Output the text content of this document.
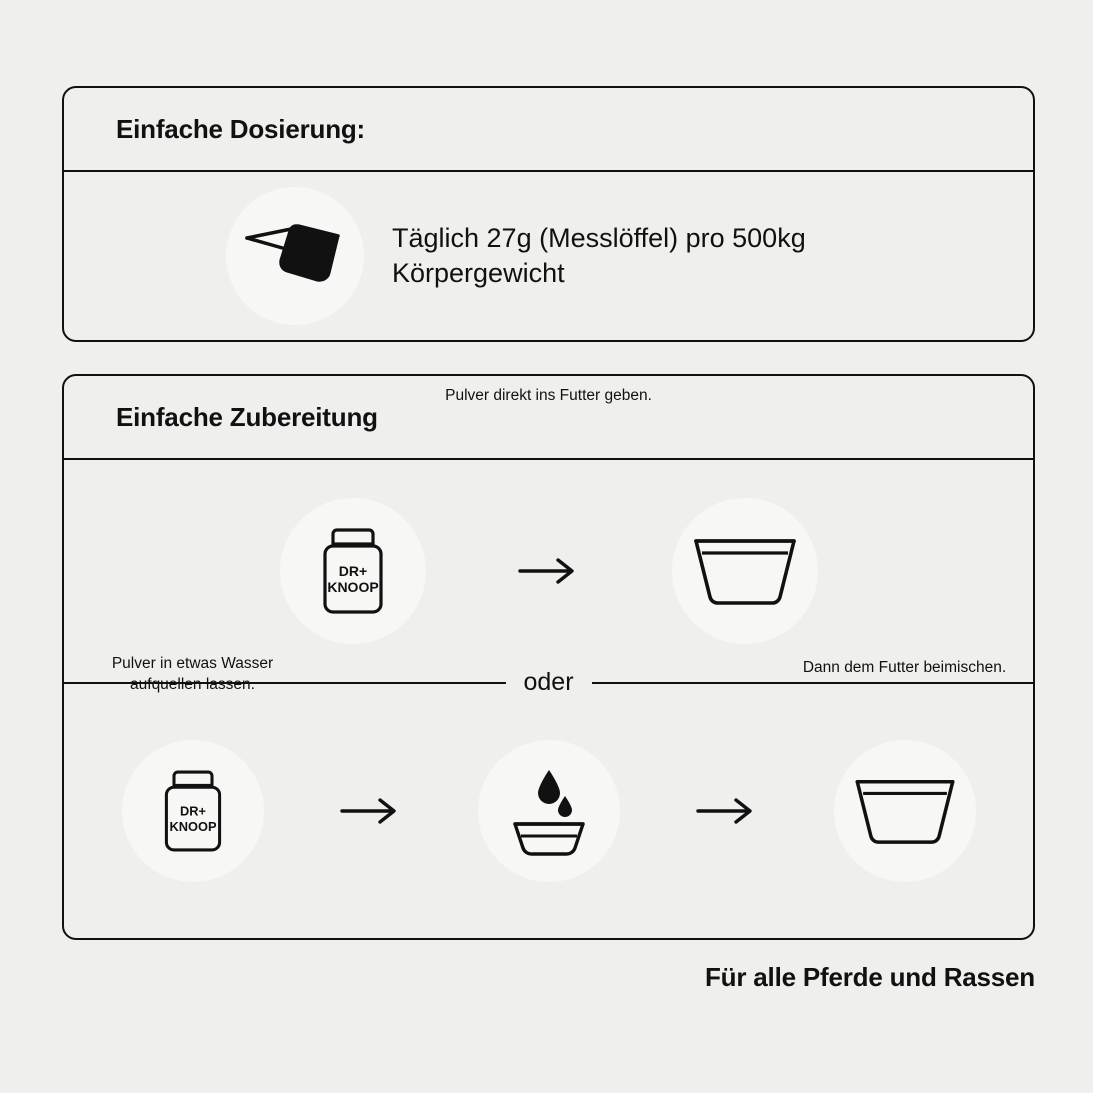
Einfache Dosierung:
Täglich 27g (Messlöffel) pro 500kg Körpergewicht
Einfache Zubereitung
Pulver direkt ins Futter geben.
DR+
KNOOP
oder
Pulver in etwas Wasser aufquellen lassen.
DR+
KNOOP
Dann dem Futter beimischen.
Für alle Pferde und Rassen
